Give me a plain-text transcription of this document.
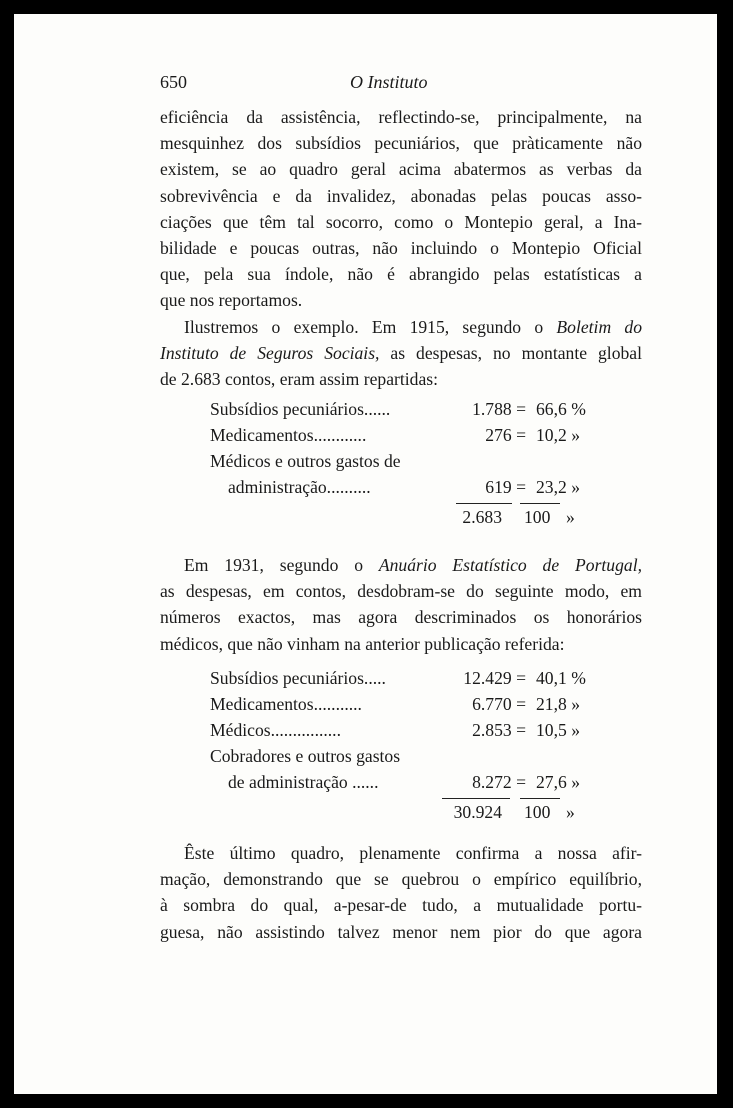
650	O Instituto
eficiência da assistência, reflectindo-se, principalmente, na
mesquinhez dos subsídios pecuniários, que pràticamente não
existem, se ao quadro geral acima abatermos as verbas da
sobrevivência e da invalidez, abonadas pelas poucas asso-
ciações que têm tal socorro, como o Montepio geral, a Ina-
bilidade e poucas outras, não incluindo o Montepio Oficial
que, pela sua índole, não é abrangido pelas estatísticas a
que nos reportamos.
Ilustremos o exemplo. Em 1915, segundo o Boletim do
Instituto de Seguros Sociais, as despesas, no montante global
de 2.683 contos, eram assim repartidas:
Subsídios pecuniários......	1.788 = 66,6 %
Medicamentos............	276 = 10,2 »
Médicos e outros gastos de
administração..........	619 = 23,2 »
2.683 100 »
Em 1931, segundo o Anuário Estatístico de Portugal,
as despesas, em contos, desdobram-se do seguinte modo, em
números exactos, mas agora descriminados os honorários
médicos, que não vinham na anterior publicação referida:
Subsídios pecuniários.....	12.429 = 40,1 %
Medicamentos...........	6.770 = 21,8 »
Médicos................	2.853 = 10,5 »
Cobradores e outros gastos
de administração ......	8.272 = 27,6 »
30.924 100 »
Êste último quadro, plenamente confirma a nossa afir-
mação, demonstrando que se quebrou o empírico equilíbrio,
à sombra do qual, a-pesar-de tudo, a mutualidade portu-
guesa, não assistindo talvez menor nem pior do que agora
